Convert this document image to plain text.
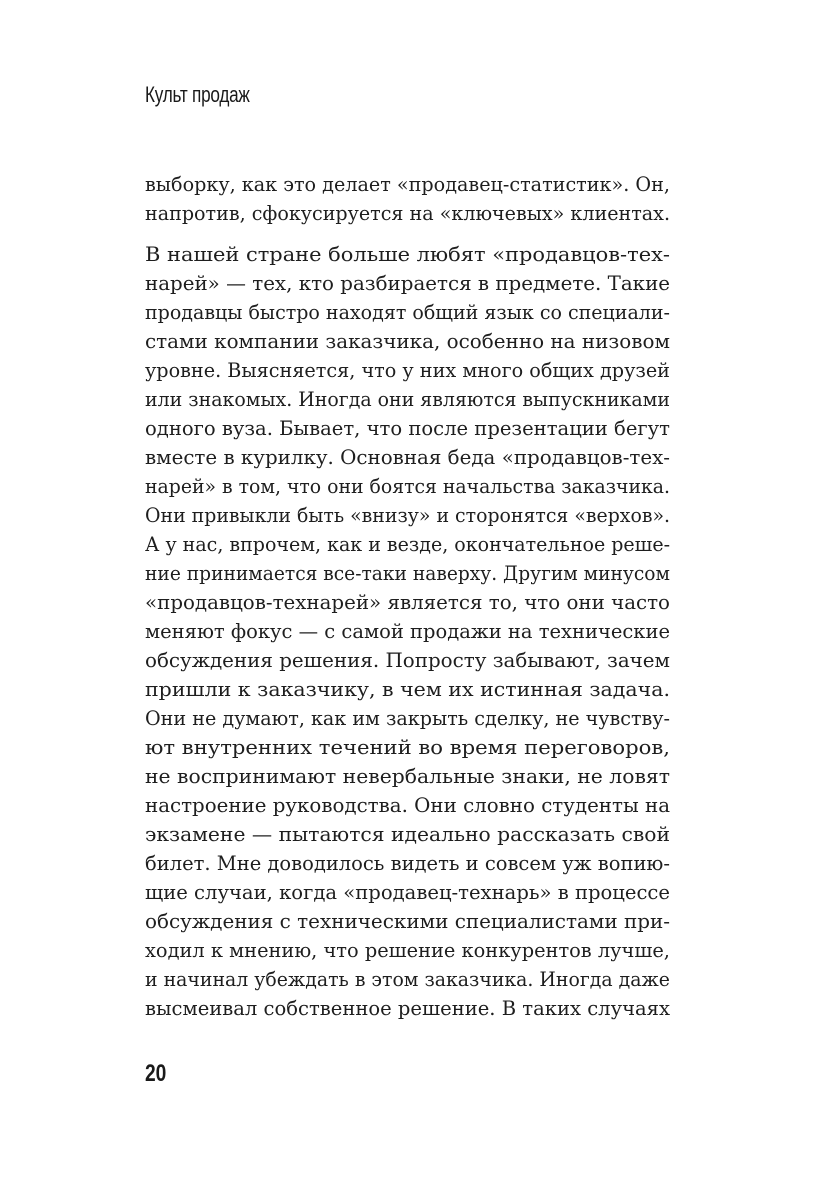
Культ продаж
выборку, как это делает «продавец-статистик». Он,
напротив, сфокусируется на «ключевых» клиентах.
В нашей стране больше любят «продавцов-тех-
нарей» — тех, кто разбирается в предмете. Такие
продавцы быстро находят общий язык со специали-
стами компании заказчика, особенно на низовом
уровне. Выясняется, что у них много общих друзей
или знакомых. Иногда они являются выпускниками
одного вуза. Бывает, что после презентации бегут
вместе в курилку. Основная беда «продавцов-тех-
нарей» в том, что они боятся начальства заказчика.
Они привыкли быть «внизу» и сторонятся «верхов».
А у нас, впрочем, как и везде, окончательное реше-
ние принимается все-таки наверху. Другим минусом
«продавцов-технарей» является то, что они часто
меняют фокус — с самой продажи на технические
обсуждения решения. Попросту забывают, зачем
пришли к заказчику, в чем их истинная задача.
Они не думают, как им закрыть сделку, не чувству-
ют внутренних течений во время переговоров,
не воспринимают невербальные знаки, не ловят
настроение руководства. Они словно студенты на
экзамене — пытаются идеально рассказать свой
билет. Мне доводилось видеть и совсем уж вопию-
щие случаи, когда «продавец-технарь» в процессе
обсуждения с техническими специалистами при-
ходил к мнению, что решение конкурентов лучше,
и начинал убеждать в этом заказчика. Иногда даже
высмеивал собственное решение. В таких случаях
20
